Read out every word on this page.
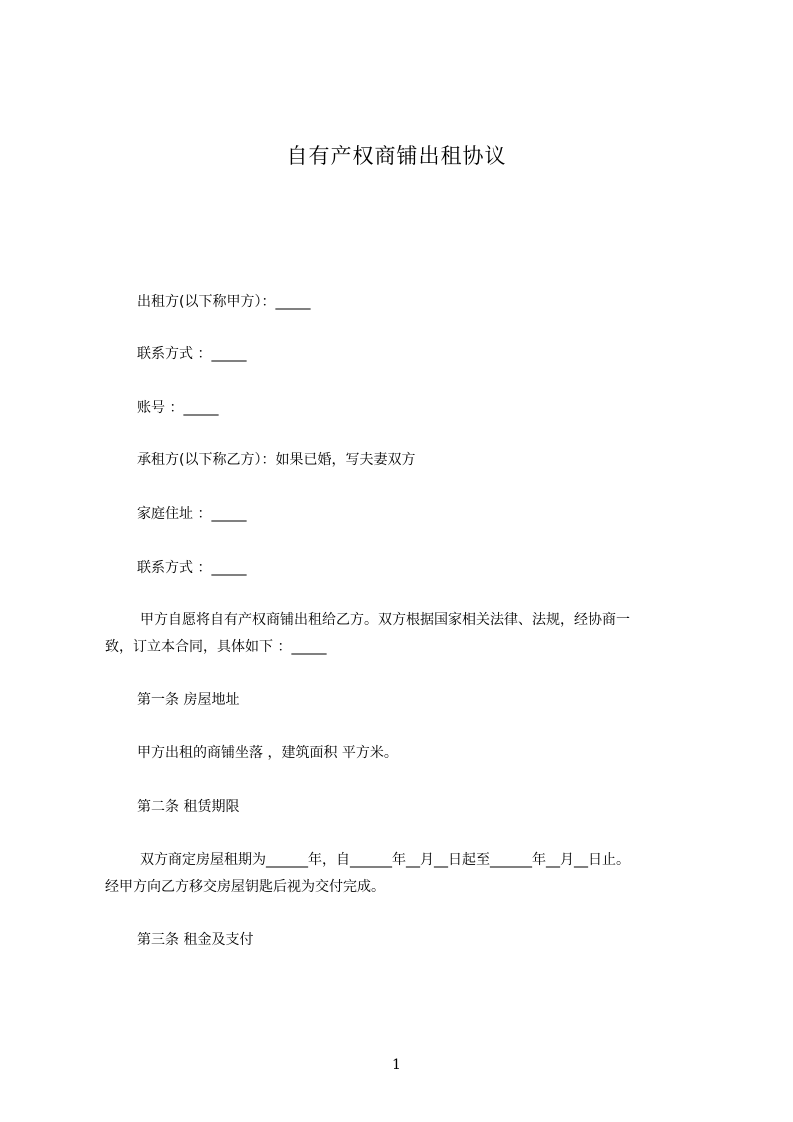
自有产权商铺出租协议
出租方(以下称甲方）：_____
联系方式 ：_____
账号 ：_____
承租方(以下称乙方）：如果已婚，写夫妻双方
家庭住址 ：_____
联系方式 ：_____
甲方自愿将自有产权商铺出租给乙方。双方根据国家相关法律、法规，经协商一
致，订立本合同，具体如下 ：_____
第一条 房屋地址
甲方出租的商铺坐落 ，建筑面积 平方米。
第二条 租赁期限
双方商定房屋租期为______年，自______年__月__日起至______年__月__日止。
经甲方向乙方移交房屋钥匙后视为交付完成。
第三条 租金及支付
1
